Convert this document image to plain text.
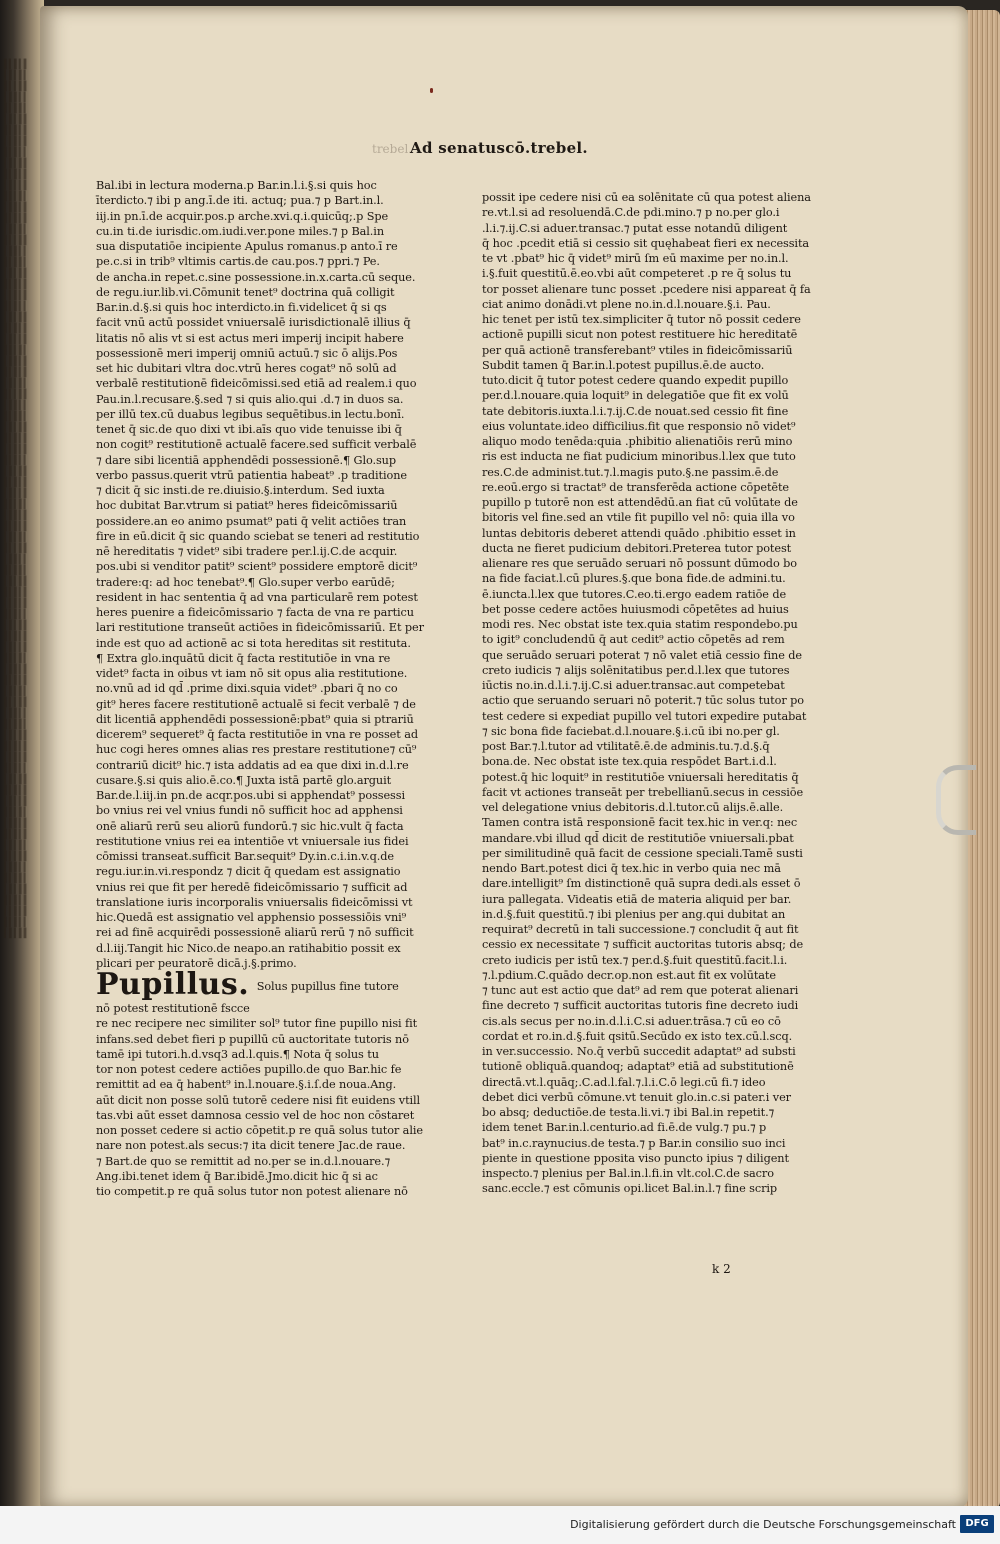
▌▍▌▍▌
▍▌▍▌▍
▌▍▍▌▌
▍▌▌▍▍
▌▍▌▌▍
▍▌▍▌▌
▌▍▌▍▌
▍▍▌▍▌
▌▍▌▍▍
▍▌▍▌▌
▌▍▌▍▌
▍▌▍▍▌
▌▌▍▌▍
▍▌▌▍▌
▌▍▌▍▌
▍▌▍▌▍
▌▍▍▌▌
▍▌▌▍▍
▌▍▌▌▍
▍▌▍▌▌
▌▍▌▍▌
▍▍▌▍▌
▌▍▌▍▍
▍▌▍▌▌
▌▍▌▍▌
▍▌▍▍▌
▌▌▍▌▍
▍▌▌▍▌
▌▍▌▍▌
▍▌▍▌▍
▌▍▍▌▌
▍▌▌▍▍
▌▍▌▌▍
▍▌▍▌▌
▌▍▌▍▌
▍▍▌▍▌
▌▍▌▍▍
▍▌▍▌▌
▌▍▌▍▌
▍▌▍▍▌
▌▌▍▌▍
▍▌▌▍▌
▌▍▌▍▌
▍▌▍▌▍
▌▍▍▌▌
▍▌▌▍▍
▌▍▌▌▍
▍▌▍▌▌
▌▍▌▍▌
▍▍▌▍▌
▌▍▌▍▍
▍▌▍▌▌
▌▍▌▍▌
▍▌▍▍▌
▌▌▍▌▍
▍▌▌▍▌
▌▍▌▍▌
▍▌▍▌▍
▌▍▍▌▌
▍▌▌▍▍
▌▍▌▌▍
▍▌▍▌▌
▌▍▌▍▌
▍▍▌▍▌
▌▍▌▍▍
▍▌▍▌▌
▌▍▌▍▌
▍▌▍▍▌
▌▌▍▌▍
▍▌▌▍▌
▌▍▌▍▌
▍▌▍▌▍
▌▍▍▌▌
▍▌▌▍▍
▌▍▌▌▍
▍▌▍▌▌
▌▍▌▍▌
▍▍▌▍▌
▌▍▌▍▍
▍▌▍▌▌
trebel.
Ad senatuscō.trebel.
Bal.ibi in lectura moderna.p Bar.in.l.i.§.si quis hoc
īterdicto.⁊ ibi p ang.ī.de iti. actuq; pua.⁊ p Bart.in.l.
iij.in pn.ī.de acquir.pos.p arche.xvi.q.i.quicūq;.p Spe
cu.in ti.de iurisdic.om.iudi.ver.pone miles.⁊ p Bal.in
sua disputatiōe incipiente Apulus romanus.p anto.ī re
pe.c.si in trib⁹ vltimis cartis.de cau.pos.⁊ ppri.⁊ Pe.
de ancha.in repet.c.sine possessione.in.x.carta.cū seque.
de regu.iur.lib.vi.Cōmunit tenet⁹ doctrina quā colligit
Bar.in.d.§.si quis hoc interdicto.in fi.videlicet q̄ si qs
facit vnū actū possidet vniuersalē iurisdictionalē illius q̄
litatis nō alis vt si est actus meri imperij incipit habere
possessionē meri imperij omniū actuū.⁊ sic ō alijs.Pos
set hic dubitari vltra doc.vtrū heres cogat⁹ nō solū ad
verbalē restitutionē fideicōmissi.sed etiā ad realem.i quo
Pau.in.l.recusare.§.sed ⁊ si quis alio.qui .d.⁊ in duos sa.
per illū tex.cū duabus legibus sequētibus.in lectu.bonī.
tenet q̄ sic.de quo dixi vt ibi.aīs quo vide tenuisse ibi q̄
non cogit⁹ restitutionē actualē facere.sed sufficit verbalē
⁊ dare sibi licentiā apphendēdi possessionē.¶ Glo.sup
verbo passus.querit vtrū patientia habeat⁹ .p traditione
⁊ dicit q̄ sic insti.de re.diuisio.§.interdum. Sed iuxta
hoc dubitat Bar.vtrum si patiat⁹ heres fideicōmissariū
possidere.an eo animo psumat⁹ pati q̄ velit actiōes tran
fire in eū.dicit q̄ sic quando sciebat se teneri ad restitutio
nē hereditatis ⁊ videt⁹ sibi tradere per.l.ij.C.de acquir.
pos.ubi si venditor patit⁹ scient⁹ possidere emptorē dicit⁹
tradere:q: ad hoc tenebat⁹.¶ Glo.super verbo earūdē;
resident in hac sententia q̄ ad vna particularē rem potest
heres puenire a fideicōmissario ⁊ facta de vna re particu
lari restitutione transeūt actiōes in fideicōmissariū. Et per
inde est quo ad actionē ac si tota hereditas sit restituta.
¶ Extra glo.inquātū dicit q̄ facta restitutiōe in vna re
videt⁹ facta in oibus vt iam nō sit opus alia restitutione.
no.vnū ad id qd̄ .prime dixi.squia videt⁹ .pbari q̄ no co
git⁹ heres facere restitutionē actualē si fecit verbalē ⁊ de
dit licentiā apphendēdi possessionē:pbat⁹ quia si ptrariū
dicerem⁹ sequeret⁹ q̄ facta restitutiōe in vna re posset ad
huc cogi heres omnes alias res prestare restitutione⁊ cū⁹
contrariū dicit⁹ hic.⁊ ista addatis ad ea que dixi in.d.l.re
cusare.§.si quis alio.ē.co.¶ Juxta istā partē glo.arguit
Bar.de.l.iij.in pn.de acqr.pos.ubi si apphendat⁹ possessi
bo vnius rei vel vnius fundi nō sufficit hoc ad apphensi
onē aliarū rerū seu aliorū fundorū.⁊ sic hic.vult q̄ facta
restitutione vnius rei ea intentiōe vt vniuersale ius fidei
cōmissi transeat.sufficit Bar.sequit⁹ Dy.in.c.i.in.v.q.de
regu.iur.in.vi.respondz ⁊ dicit q̄ quedam est assignatio
vnius rei que fit per heredē fideicōmissario ⁊ sufficit ad
translatione iuris incorporalis vniuersalis fideicōmissi vt
hic.Quedā est assignatio vel apphensio possessiōis vni⁹
rei ad finē acquirēdi possessionē aliarū rerū ⁊ nō sufficit
d.l.iij.Tangit hic Nico.de neapo.an ratihabitio possit ex
plicari per peuratorē dicā.j.§.primo.
Pupillus. Solus pupillus fine tutore
nō potest restitutionē fscce
re nec recipere nec similiter sol⁹ tutor fine pupillo nisi fit
infans.sed debet fieri p pupillū cū auctoritate tutoris nō
tamē ipi tutori.h.d.vsq3 ad.l.quis.¶ Nota q̄ solus tu
tor non potest cedere actiōes pupillo.de quo Bar.hic fe
remittit ad ea q̄ habent⁹ in.l.nouare.§.i.ſ.de noua.Ang.
aūt dicit non posse solū tutorē cedere nisi fit euidens vtill
tas.vbi aūt esset damnosa cessio vel de hoc non cōstaret
non posset cedere si actio cōpetit.p re quā solus tutor alie
nare non potest.als secus:⁊ ita dicit tenere Jac.de raue.
⁊ Bart.de quo se remittit ad no.per se in.d.l.nouare.⁊
Ang.ibi.tenet idem q̄ Bar.ibidē.Jmo.dicit hic q̄ si ac
tio competit.p re quā solus tutor non potest alienare nō
possit ipe cedere nisi cū ea solēnitate cū qua potest aliena
re.vt.l.si ad resoluendā.C.de pdi.mino.⁊ p no.per glo.i
.l.i.⁊.ij.C.si aduer.transac.⁊ putat esse notandū diligent
q̄ hoc .pcedit etiā si cessio sit quęhabeat fieri ex necessita
te vt .pbat⁹ hic q̄ videt⁹ mirū ſm eū maxime per no.in.l.
i.§.fuit questitū.ē.eo.vbi aūt competeret .p re q̄ solus tu
tor posset alienare tunc posset .pcedere nisi appareat q̄ fa
ciat animo donādi.vt plene no.in.d.l.nouare.§.i. Pau.
hic tenet per istū tex.simpliciter q̄ tutor nō possit cedere
actionē pupilli sicut non potest restituere hic hereditatē
per quā actionē transferebant⁹ vtiles in fideicōmissariū
Subdit tamen q̄ Bar.in.l.potest pupillus.ē.de aucto.
tuto.dicit q̄ tutor potest cedere quando expedit pupillo
per.d.l.nouare.quia loquit⁹ in delegatiōe que fit ex volū
tate debitoris.iuxta.l.i.⁊.ij.C.de nouat.sed cessio fit fine
eius voluntate.ideo difficilius.fit que responsio nō videt⁹
aliquo modo tenēda:quia .phibitio alienatiōis rerū mino
ris est inducta ne fiat pudicium minoribus.l.lex que tuto
res.C.de administ.tut.⁊.l.magis puto.§.ne passim.ē.de
re.eoū.ergo si tractat⁹ de transferēda actione cōpetēte
pupillo p tutorē non est attendēdū.an fiat cū volūtate de
bitoris vel fine.sed an vtile fit pupillo vel nō: quia illa vo
luntas debitoris deberet attendi quādo .phibitio esset in
ducta ne fieret pudicium debitori.Preterea tutor potest
alienare res que seruādo seruari nō possunt dūmodo bo
na fide faciat.l.cū plures.§.que bona fide.de admini.tu.
ē.iuncta.l.lex que tutores.C.eo.ti.ergo eadem ratiōe de
bet posse cedere actōes huiusmodi cōpetētes ad huius
modi res. Nec obstat iste tex.quia statim respondebo.pu
to igit⁹ concludendū q̄ aut cedit⁹ actio cōpetēs ad rem
que seruādo seruari poterat ⁊ nō valet etiā cessio fine de
creto iudicis ⁊ alijs solēnitatibus per.d.l.lex que tutores
iūctis no.in.d.l.i.⁊.ij.C.si aduer.transac.aut competebat
actio que seruando seruari nō poterit.⁊ tūc solus tutor po
test cedere si expediat pupillo vel tutori expedire putabat
⁊ sic bona fide faciebat.d.l.nouare.§.i.cū ibi no.per gl.
post Bar.⁊.l.tutor ad vtilitatē.ē.de adminis.tu.⁊.d.§.q̄
bona.de. Nec obstat iste tex.quia respōdet Bart.i.d.l.
potest.q̄ hic loquit⁹ in restitutiōe vniuersali hereditatis q̄
facit vt actiones transeāt per trebellianū.secus in cessiōe
vel delegatione vnius debitoris.d.l.tutor.cū alijs.ē.alle.
Tamen contra istā responsionē facit tex.hic in ver.q: nec
mandare.vbi illud qd̄ dicit de restitutiōe vniuersali.pbat
per similitudinē quā facit de cessione speciali.Tamē susti
nendo Bart.potest dici q̄ tex.hic in verbo quia nec mā
dare.intelligit⁹ ſm distinctionē quā supra dedi.als esset ō
iura pallegata. Videatis etiā de materia aliquid per bar.
in.d.§.fuit questitū.⁊ ibi plenius per ang.qui dubitat an
requirat⁹ decretū in tali successione.⁊ concludit q̄ aut fit
cessio ex necessitate ⁊ sufficit auctoritas tutoris absq; de
creto iudicis per istū tex.⁊ per.d.§.fuit questitū.facit.l.i.
⁊.l.pdium.C.quādo decr.op.non est.aut fit ex volūtate
⁊ tunc aut est actio que dat⁹ ad rem que poterat alienari
fine decreto ⁊ sufficit auctoritas tutoris fine decreto iudi
cis.als secus per no.in.d.l.i.C.si aduer.trāsa.⁊ cū eo cō
cordat et ro.in.d.§.fuit qsitū.Secūdo ex isto tex.cū.l.scq.
in ver.successio. No.q̄ verbū succedit adaptat⁹ ad substi
tutionē obliquā.quandoq; adaptat⁹ etiā ad substitutionē
directā.vt.l.quāq;.C.ad.l.fal.⁊.l.i.C.ō legi.cū fi.⁊ ideo
debet dici verbū cōmune.vt tenuit glo.in.c.si pater.i ver
bo absq; deductiōe.de testa.li.vi.⁊ ibi Bal.in repetit.⁊
idem tenet Bar.in.l.centurio.ad fi.ē.de vulg.⁊ pu.⁊ p
bat⁹ in.c.raynucius.de testa.⁊ p Bar.in consilio suo inci
piente in questione pposita viso puncto ipius ⁊ diligent
inspecto.⁊ plenius per Bal.in.l.fi.in vlt.col.C.de sacro
sanc.eccle.⁊ est cōmunis opi.licet Bal.in.l.⁊ fine scrip
k 2
Digitalisierung gefördert durch die Deutsche Forschungsgemeinschaft DFG
